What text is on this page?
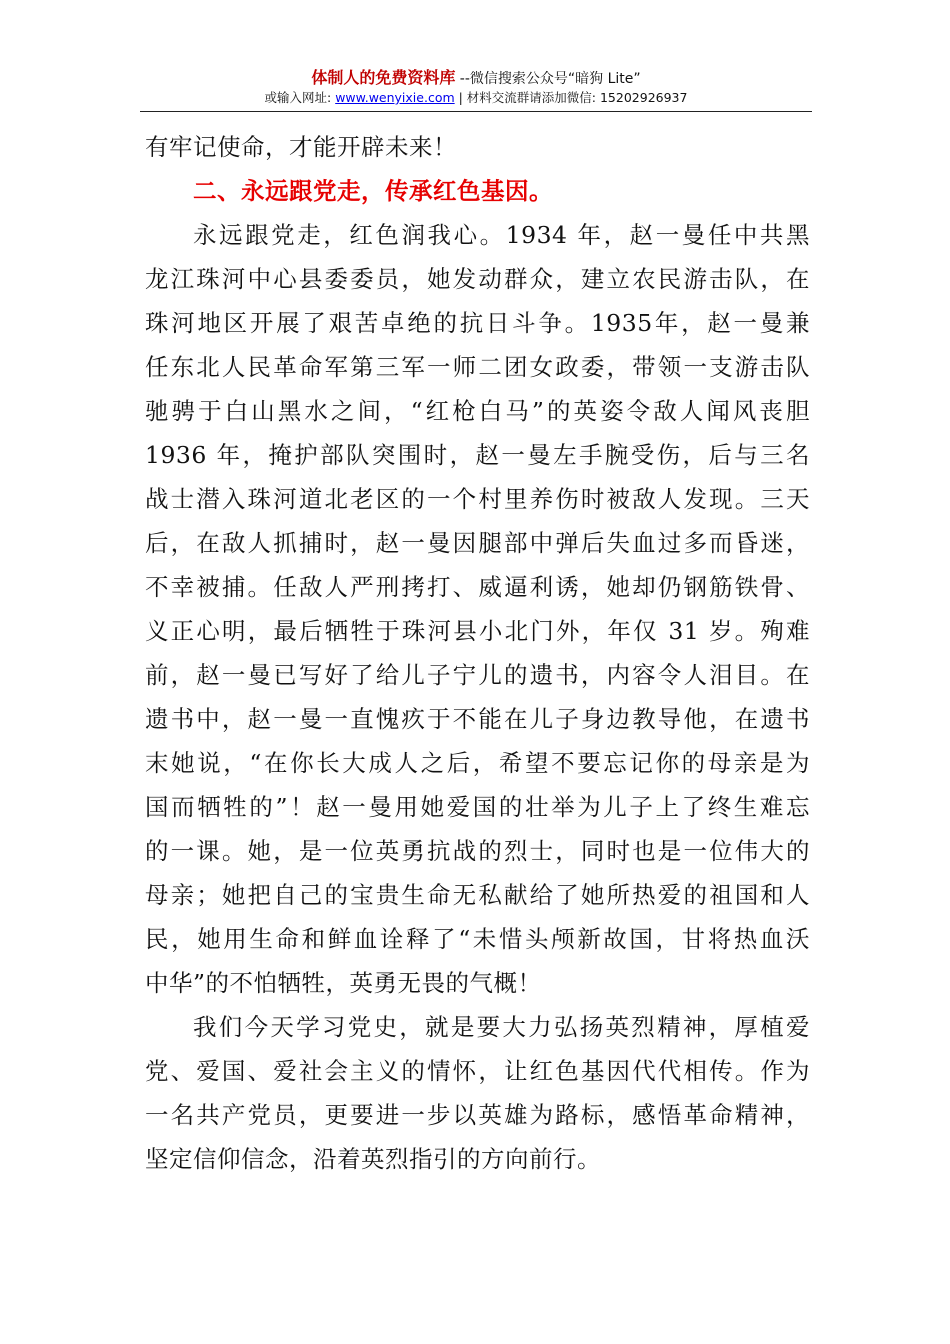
体制人的免费资料库 --微信搜索公众号“暗狗 Lite”
或输入网址: www.wenyixie.com | 材料交流群请添加微信: 15202926937
有牢记使命，才能开辟未来！
二、永远跟党走，传承红色基因。
永远跟党走，红色润我心。1934 年，赵一曼任中共黑
龙江珠河中心县委委员，她发动群众，建立农民游击队，在
珠河地区开展了艰苦卓绝的抗日斗争。1935年，赵一曼兼
任东北人民革命军第三军一师二团女政委，带领一支游击队
驰骋于白山黑水之间，“红枪白马”的英姿令敌人闻风丧胆
1936 年，掩护部队突围时，赵一曼左手腕受伤，后与三名
战士潜入珠河道北老区的一个村里养伤时被敌人发现。三天
后，在敌人抓捕时，赵一曼因腿部中弹后失血过多而昏迷，
不幸被捕。任敌人严刑拷打、威逼利诱，她却仍钢筋铁骨、
义正心明，最后牺牲于珠河县小北门外，年仅 31 岁。殉难
前，赵一曼已写好了给儿子宁儿的遗书，内容令人泪目。在
遗书中，赵一曼一直愧疚于不能在儿子身边教导他，在遗书
末她说，“在你长大成人之后，希望不要忘记你的母亲是为
国而牺牲的”！赵一曼用她爱国的壮举为儿子上了终生难忘
的一课。她，是一位英勇抗战的烈士，同时也是一位伟大的
母亲；她把自己的宝贵生命无私献给了她所热爱的祖国和人
民，她用生命和鲜血诠释了“未惜头颅新故国，甘将热血沃
中华”的不怕牺牲，英勇无畏的气概！
我们今天学习党史，就是要大力弘扬英烈精神，厚植爱
党、爱国、爱社会主义的情怀，让红色基因代代相传。作为
一名共产党员，更要进一步以英雄为路标，感悟革命精神，
坚定信仰信念，沿着英烈指引的方向前行。
